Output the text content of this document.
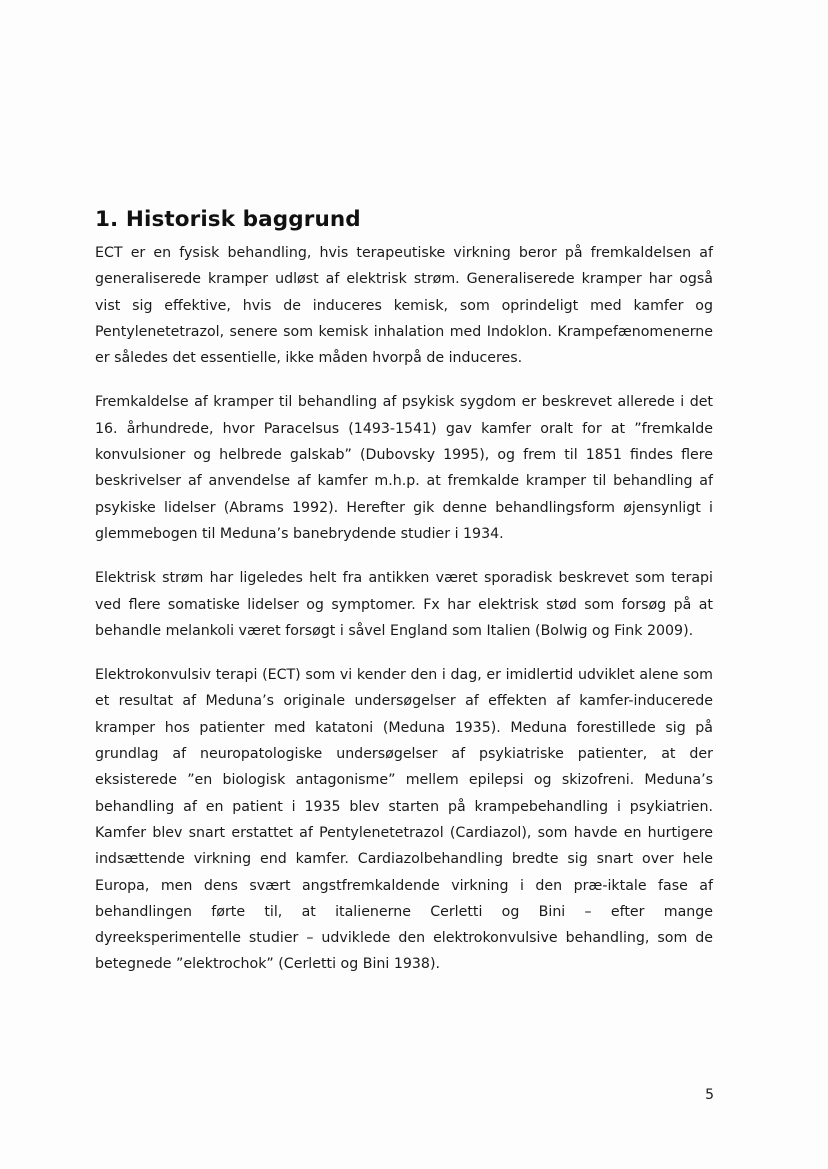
1. Historisk baggrund

ECT er en fysisk behandling, hvis terapeutiske virkning beror på fremkaldelsen af generaliserede kramper udløst af elektrisk strøm. Generaliserede kramper har også vist sig effektive, hvis de induceres kemisk, som oprindeligt med kamfer og Pentylenetetrazol, senere som kemisk inhalation med Indoklon. Krampefænomenerne er således det essentielle, ikke måden hvorpå de induceres.

Fremkaldelse af kramper til behandling af psykisk sygdom er beskrevet allerede i det 16. århundrede, hvor Paracelsus (1493-1541) gav kamfer oralt for at ”fremkalde konvulsioner og helbrede galskab” (Dubovsky 1995), og frem til 1851 findes flere beskrivelser af anvendelse af kamfer m.h.p. at fremkalde kramper til behandling af psykiske lidelser (Abrams 1992). Herefter gik denne behandlingsform øjensynligt i glemmebogen til Meduna’s banebrydende studier i 1934.

Elektrisk strøm har ligeledes helt fra antikken været sporadisk beskrevet som terapi ved flere somatiske lidelser og symptomer. Fx har elektrisk stød som forsøg på at behandle melankoli været forsøgt i såvel England som Italien (Bolwig og Fink 2009).

Elektrokonvulsiv terapi (ECT) som vi kender den i dag, er imidlertid udviklet alene som et resultat af Meduna’s originale undersøgelser af effekten af kamfer-inducerede kramper hos patienter med katatoni (Meduna 1935). Meduna forestillede sig på grundlag af neuropatologiske undersøgelser af psykiatriske patienter, at der eksisterede ”en biologisk antagonisme” mellem epilepsi og skizofreni. Meduna’s behandling af en patient i 1935 blev starten på krampebehandling i psykiatrien. Kamfer blev snart erstattet af Pentylenetetrazol (Cardiazol), som havde en hurtigere indsættende virkning end kamfer. Cardiazolbehandling bredte sig snart over hele Europa, men dens svært angstfremkaldende virkning i den præ-iktale fase af behandlingen førte til, at italienerne Cerletti og Bini – efter mange dyreeksperimentelle studier – udviklede den elektrokonvulsive behandling, som de betegnede ”elektrochok” (Cerletti og Bini 1938).

5
